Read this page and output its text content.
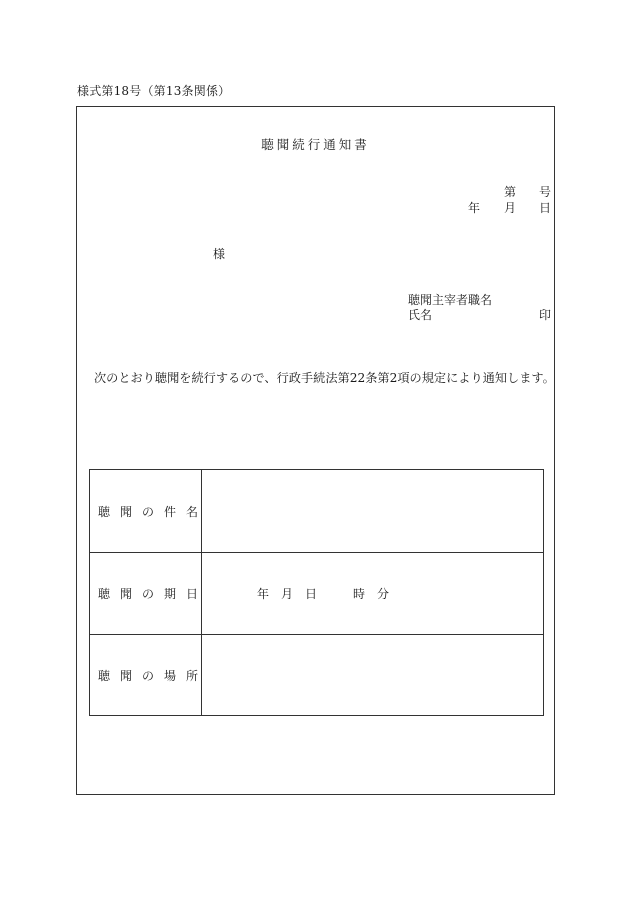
様式第18号（第13条関係）
聴聞続行通知書
第 号
年 月 日
様
聴聞主宰者職名
氏名	印
次のとおり聴聞を続行するので、行政手続法第22条第2項の規定により通知します。
聴聞の件名
聴聞の期日	年　月　日　　　時　分
聴聞の場所
